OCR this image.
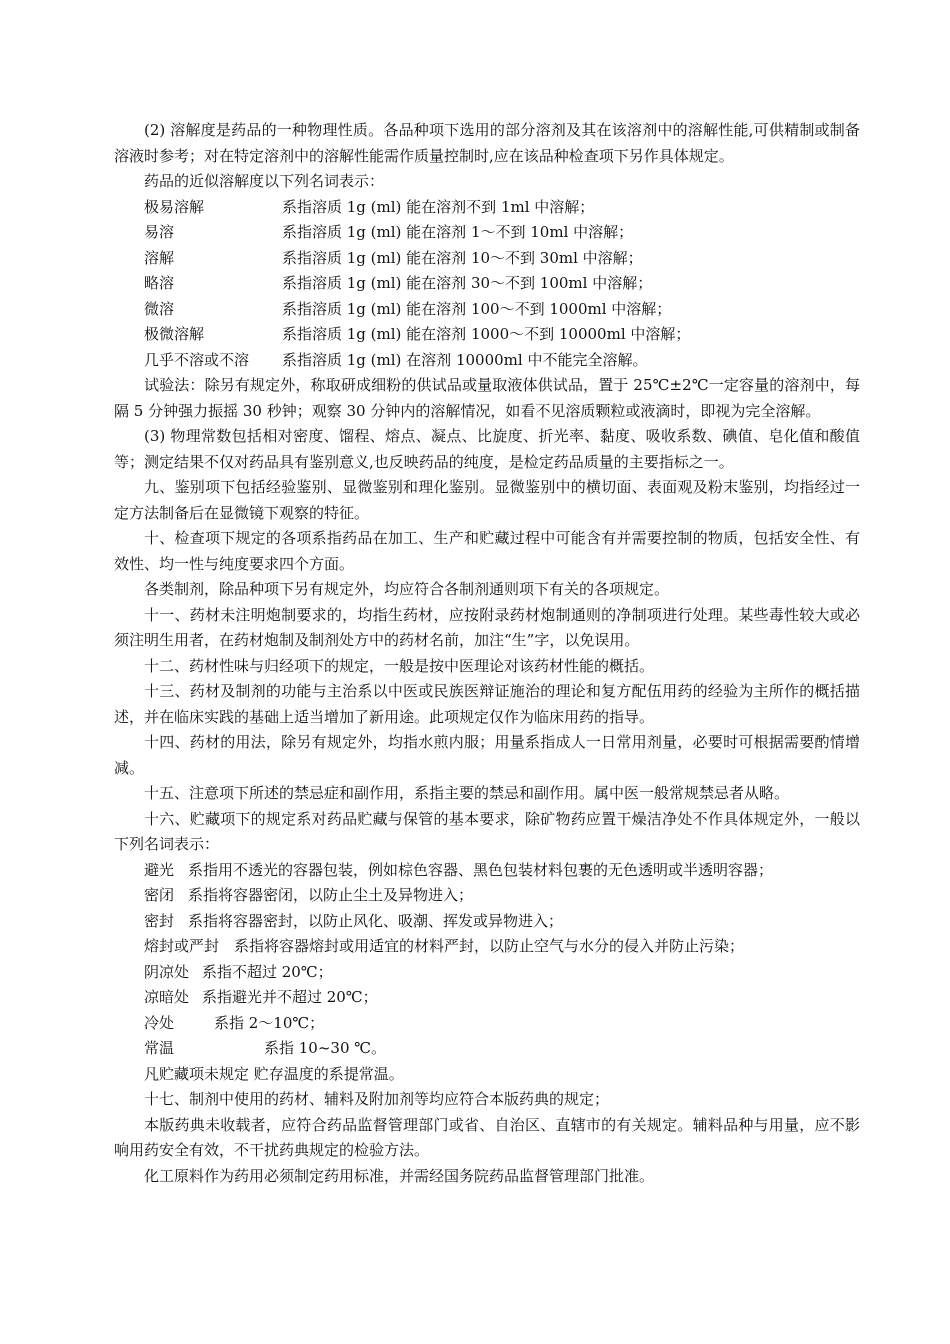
(2) 溶解度是药品的一种物理性质。各品种项下选用的部分溶剂及其在该溶剂中的溶解性能,可供精制或制备溶液时参考；对在特定溶剂中的溶解性能需作质量控制时,应在该品种检查项下另作具体规定。

药品的近似溶解度以下列名词表示：

极易溶解	系指溶质 1g (ml) 能在溶剂不到 1ml 中溶解；

易溶	系指溶质 1g (ml) 能在溶剂 1～不到 10ml 中溶解；

溶解	系指溶质 1g (ml) 能在溶剂 10～不到 30ml 中溶解；

略溶	系指溶质 1g (ml) 能在溶剂 30～不到 100ml 中溶解；

微溶	系指溶质 1g (ml) 能在溶剂 100～不到 1000ml 中溶解；

极微溶解	系指溶质 1g (ml) 能在溶剂 1000～不到 10000ml 中溶解；

几乎不溶或不溶 系指溶质 1g (ml) 在溶剂 10000ml 中不能完全溶解。

试验法：除另有规定外，称取研成细粉的供试品或量取液体供试品，置于 25℃±2℃一定容量的溶剂中，每隔 5 分钟强力振摇 30 秒钟；观察 30 分钟内的溶解情况，如看不见溶质颗粒或液滴时，即视为完全溶解。

(3) 物理常数包括相对密度、馏程、熔点、凝点、比旋度、折光率、黏度、吸收系数、碘值、皂化值和酸值等；测定结果不仅对药品具有鉴别意义,也反映药品的纯度，是检定药品质量的主要指标之一。

九、鉴别项下包括经验鉴别、显微鉴别和理化鉴别。显微鉴别中的横切面、表面观及粉末鉴别，均指经过一定方法制备后在显微镜下观察的特征。

十、检查项下规定的各项系指药品在加工、生产和贮藏过程中可能含有并需要控制的物质，包括安全性、有效性、均一性与纯度要求四个方面。

各类制剂，除品种项下另有规定外，均应符合各制剂通则项下有关的各项规定。

十一、药材未注明炮制要求的，均指生药材，应按附录药材炮制通则的净制项进行处理。某些毒性较大或必须注明生用者，在药材炮制及制剂处方中的药材名前，加注“生”字，以免误用。

十二、药材性味与归经项下的规定，一般是按中医理论对该药材性能的概括。

十三、药材及制剂的功能与主治系以中医或民族医辩证施治的理论和复方配伍用药的经验为主所作的概括描述，并在临床实践的基础上适当增加了新用途。此项规定仅作为临床用药的指导。

十四、药材的用法，除另有规定外，均指水煎内服；用量系指成人一日常用剂量，必要时可根据需要酌情增减。

十五、注意项下所述的禁忌症和副作用，系指主要的禁忌和副作用。属中医一般常规禁忌者从略。

十六、贮藏项下的规定系对药品贮藏与保管的基本要求，除矿物药应置干燥洁净处不作具体规定外，一般以下列名词表示：

避光 系指用不透光的容器包装，例如棕色容器、黑色包装材料包裹的无色透明或半透明容器；

密闭 系指将容器密闭，以防止尘土及异物进入；

密封 系指将容器密封，以防止风化、吸潮、挥发或异物进入；

熔封或严封 系指将容器熔封或用适宜的材料严封，以防止空气与水分的侵入并防止污染；

阴凉处 系指不超过 20℃；

凉暗处 系指避光并不超过 20℃；

冷处	系指 2～10℃；

常温	系指 10~30 ℃。

凡贮藏项未规定 贮存温度的系提常温。

十七、制剂中使用的药材、辅料及附加剂等均应符合本版药典的规定；

本版药典未收载者，应符合药品监督管理部门或省、自治区、直辖市的有关规定。辅料品种与用量，应不影响用药安全有效，不干扰药典规定的检验方法。

化工原料作为药用必须制定药用标准，并需经国务院药品监督管理部门批准。
